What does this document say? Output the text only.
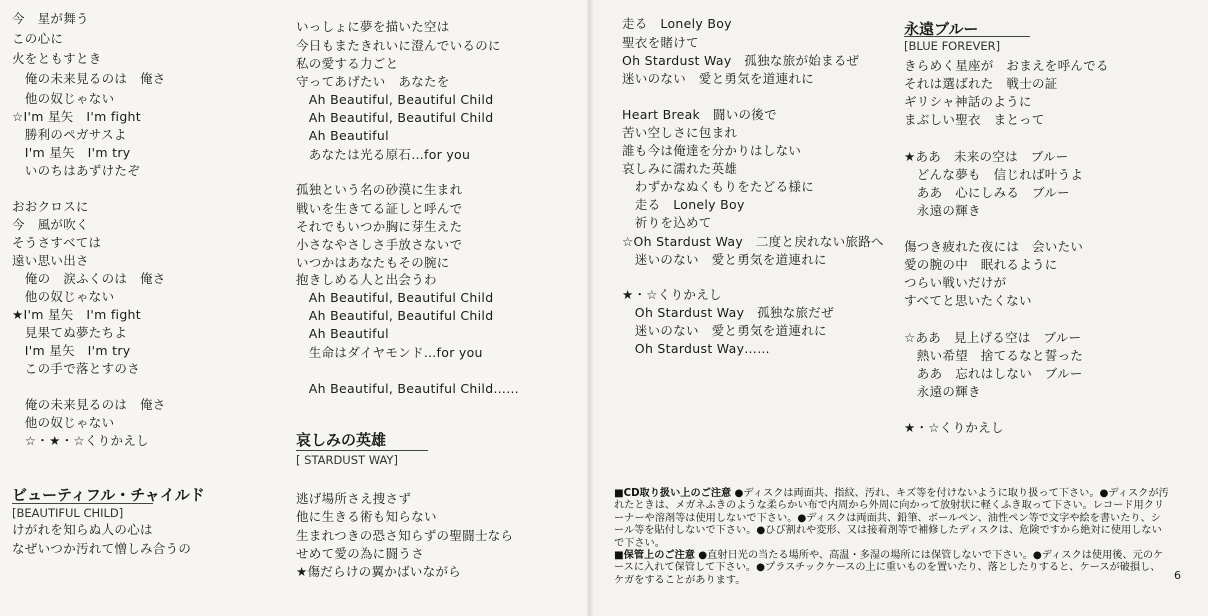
ビューティフル・チャイルド
[BEAUTIFUL CHILD]
今　星が舞う
この心に
火をともすとき
　俺の未来見るのは　俺さ
　他の奴じゃない
☆I'm 星矢　I'm fight
　勝利のペガサスよ
　I'm 星矢　I'm try
　いのちはあずけたぞ
おおクロスに
今　風が吹く
そうさすべては
遠い思い出さ
　俺の　涙ふくのは　俺さ
　他の奴じゃない
★I'm 星矢　I'm fight
　見果てぬ夢たちよ
　I'm 星矢　I'm try
　この手で落とすのさ
　俺の未来見るのは　俺さ
　他の奴じゃない
　☆・★・☆くりかえし
けがれを知らぬ人の心は
なぜいつか汚れて憎しみ合うの
哀しみの英雄
[ STARDUST WAY]
いっしょに夢を描いた空は
今日もまたきれいに澄んでいるのに
私の愛する力ごと
守ってあげたい　あなたを
　Ah Beautiful, Beautiful Child
　Ah Beautiful, Beautiful Child
　Ah Beautiful
　あなたは光る原石…for you
孤独という名の砂漠に生まれ
戦いを生きてる証しと呼んで
それでもいつか胸に芽生えた
小さなやさしさ手放さないで
いつかはあなたもその腕に
抱きしめる人と出会うわ
　Ah Beautiful, Beautiful Child
　Ah Beautiful, Beautiful Child
　Ah Beautiful
　生命はダイヤモンド…for you
　Ah Beautiful, Beautiful Child……
逃げ場所さえ捜さず
他に生きる術も知らない
生まれつきの恐さ知らずの聖闘士なら
せめて愛の為に闘うさ
★傷だらけの翼かばいながら
走る　Lonely Boy
聖衣を賭けて
Oh Stardust Way　孤独な旅が始まるぜ
迷いのない　愛と勇気を道連れに
Heart Break　闘いの後で
苦い空しさに包まれ
誰も今は俺達を分かりはしない
哀しみに濡れた英雄
　わずかなぬくもりをたどる様に
　走る　Lonely Boy
　祈りを込めて
☆Oh Stardust Way　二度と戻れない旅路へ
　迷いのない　愛と勇気を道連れに
★・☆くりかえし
　Oh Stardust Way　孤独な旅だぜ
　迷いのない　愛と勇気を道連れに
　Oh Stardust Way……
永遠ブルー
[BLUE FOREVER]
きらめく星座が　おまえを呼んでる
それは選ばれた　戦士の証
ギリシャ神話のように
まぶしい聖衣　まとって
★ああ　未来の空は　ブルー
　どんな夢も　信じれば叶うよ
　ああ　心にしみる　ブルー
　永遠の輝き
傷つき疲れた夜には　会いたい
愛の腕の中　眠れるように
つらい戦いだけが
すべてと思いたくない
☆ああ　見上げる空は　ブルー
　熱い希望　捨てるなと誓った
　ああ　忘れはしない　ブルー
　永遠の輝き
★・☆くりかえし

■CD取り扱い上のご注意 ●ディスクは両面共、指紋、汚れ、キズ等を付けないように取り扱って下さい。●ディスクが汚れたときは、メガネふきのような柔らかい布で内周から外周に向かって放射状に軽くふき取って下さい。レコード用クリーナーや溶剤等は使用しないで下さい。●ディスクは両面共、鉛筆、ボールペン、油性ペン等で文字や絵を書いたり、シール等を貼付しないで下さい。●ひび割れや変形、又は接着剤等で補修したディスクは、危険ですから絶対に使用しないで下さい。

■保管上のご注意 ●直射日光の当たる場所や、高温・多湿の場所には保管しないで下さい。●ディスクは使用後、元のケースに入れて保管して下さい。●プラスチックケースの上に重いものを置いたり、落としたりすると、ケースが破損し、ケガをすることがあります。	6
